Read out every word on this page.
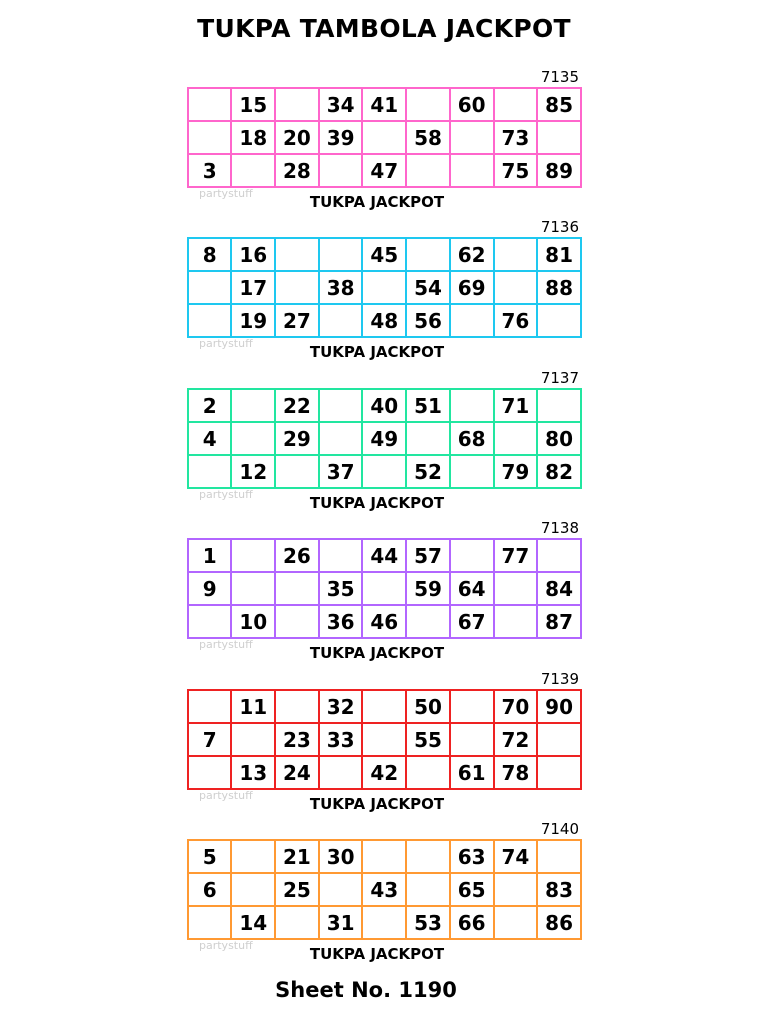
TUKPA TAMBOLA JACKPOT
7135
	15		34	41		60		85
	18	20	39		58		73	
3		28		47			75	89
partystuff	TUKPA JACKPOT
7136
8	16			45		62		81
	17		38		54	69		88
	19	27		48	56		76	
partystuff	TUKPA JACKPOT
7137
2		22		40	51		71	
4		29		49		68		80
	12		37		52		79	82
partystuff	TUKPA JACKPOT
7138
1		26		44	57		77	
9			35		59	64		84
	10		36	46		67		87
partystuff	TUKPA JACKPOT
7139
	11		32		50		70	90
7		23	33		55		72	
	13	24		42		61	78	
partystuff	TUKPA JACKPOT
7140
5		21	30			63	74	
6		25		43		65		83
	14		31		53	66		86
partystuff	TUKPA JACKPOT
Sheet No. 1190
